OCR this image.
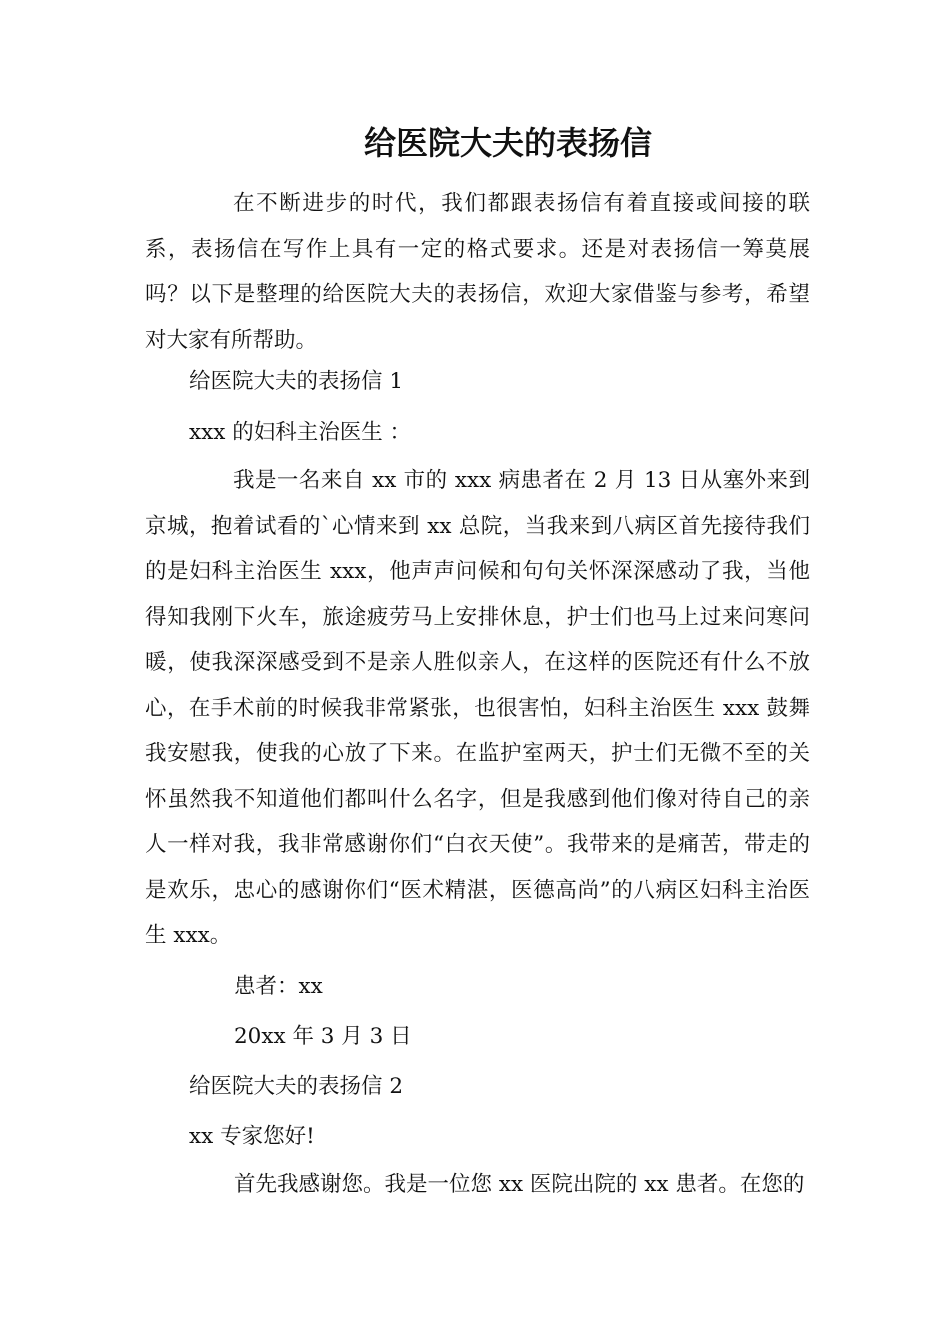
给医院大夫的表扬信
在不断进步的时代，我们都跟表扬信有着直接或间接的联系，表扬信在写作上具有一定的格式要求。还是对表扬信一筹莫展吗？以下是整理的给医院大夫的表扬信，欢迎大家借鉴与参考，希望对大家有所帮助。
给医院大夫的表扬信 1
xxx 的妇科主治医生 ：
我是一名来自 xx 市的 xxx 病患者在 2 月 13 日从塞外来到京城，抱着试看的`心情来到 xx 总院，当我来到八病区首先接待我们的是妇科主治医生 xxx，他声声问候和句句关怀深深感动了我，当他得知我刚下火车，旅途疲劳马上安排休息，护士们也马上过来问寒问暖，使我深深感受到不是亲人胜似亲人，在这样的医院还有什么不放心，在手术前的时候我非常紧张，也很害怕，妇科主治医生 xxx 鼓舞我安慰我，使我的心放了下来。在监护室两天，护士们无微不至的关怀虽然我不知道他们都叫什么名字，但是我感到他们像对待自己的亲人一样对我，我非常感谢你们“白衣天使”。我带来的是痛苦，带走的是欢乐，忠心的感谢你们“医术精湛，医德高尚”的八病区妇科主治医生 xxx。
患者：xx
20xx 年 3 月 3 日
给医院大夫的表扬信 2
xx 专家您好!
首先我感谢您。我是一位您 xx 医院出院的 xx 患者。在您的
